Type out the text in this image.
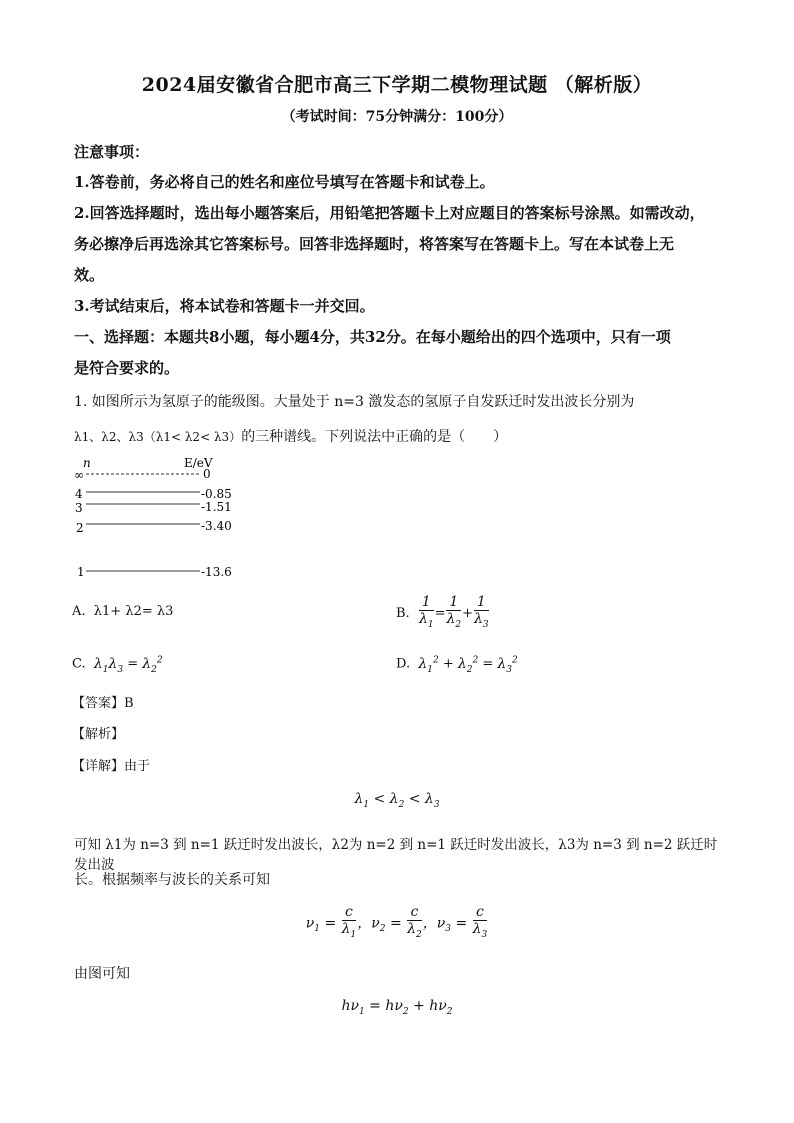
2024届安徽省合肥市高三下学期二模物理试题 （解析版）
（考试时间：75分钟满分：100分）
注意事项：
1.答卷前，务必将自己的姓名和座位号填写在答题卡和试卷上。
2.回答选择题时，选出每小题答案后，用铅笔把答题卡上对应题目的答案标号涂黑。如需改动，
务必擦净后再选涂其它答案标号。回答非选择题时，将答案写在答题卡上。写在本试卷上无
效。
3.考试结束后，将本试卷和答题卡一并交回。
一、选择题：本题共8小题，每小题4分，共32分。在每小题给出的四个选项中，只有一项
是符合要求的。
1. 如图所示为氢原子的能级图。大量处于 n=3 激发态的氢原子自发跃迁时发出波长分别为
λ1、λ2、λ3（λ1< λ2< λ3）的三种谱线。下列说法中正确的是（　　）
n	E/eV
∞	0
4	-0.85
3	-1.51
2	-3.40
1	-13.6
A. λ1+ λ2= λ3	B. $\frac{1}{\lambda_1} = \frac{1}{\lambda_2} + \frac{1}{\lambda_3}$
C. $\lambda_1\lambda_3 = \lambda_2^2$	D. $\lambda_1^2 + \lambda_2^2 = \lambda_3^2$
【答案】B
【解析】
【详解】由于
$\lambda_1 < \lambda_2 < \lambda_3$
可知 λ1为 n=3 到 n=1 跃迁时发出波长，λ2为 n=2 到 n=1 跃迁时发出波长，λ3为 n=3 到 n=2 跃迁时发出波
长。根据频率与波长的关系可知
$\nu_1 = \frac{c}{\lambda_1}$ ，$\nu_2 = \frac{c}{\lambda_2}$ ，$\nu_3 = \frac{c}{\lambda_3}$
由图可知
$h\nu_1 = h\nu_2 + h\nu_2$
